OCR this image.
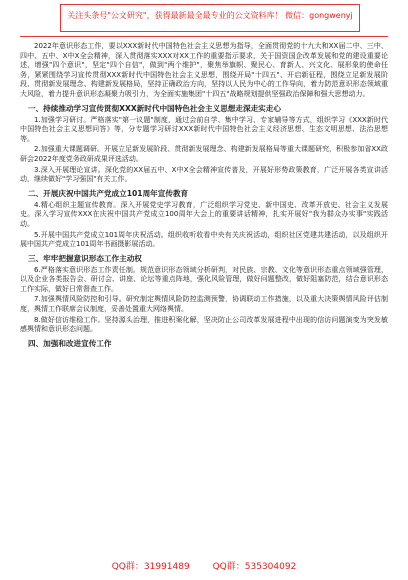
关注头条号"公文研究"，获得最新最全最专业的公文资料库！ 微信：gongwenyj

2022年意识形态工作，要以XXX新时代中国特色社会主义思想为指导，全面贯彻党的十九大和XX届二中、三中、四中、五中、X中X全会精神，深入贯彻落实XXX对XX工作的重要指示要求，关于国资国企改革发展和党的建设重要论述，增强"四个意识"，坚定"四个自信"，做到"两个维护"，聚焦举旗帜、聚民心、育新人、兴文化、展形象的使命任务，紧紧围绕学习宣传贯彻XXX新时代中国特色社会主义思想，围绕开局"十四五"、开启新征程，围绕立足新发展阶段、贯彻新发展理念、构建新发展格局，坚持正确政治方向，坚持以人民为中心的工作导向，着力防范意识形态领域重大风险，着力提升意识形态凝聚力吸引力，为全面实施集团"十四五"战略规划提供坚强政治保障和强大思想动力。

一、持续推动学习宣传贯彻XXX新时代中国特色社会主义思想走深走实走心

1.加强学习研讨。严格落实"第一议题"制度，通过会前自学、集中学习、专家辅导等方式，组织学习《XXX新时代中国特色社会主义思想问答》等，分专题学习研讨XXX新时代中国特色社会主义经济思想、生态文明思想、法治思想等。

2.加强重大课题调研。开展立足新发展阶段、贯彻新发展理念、构建新发展格局等重大课题研究，积极参加省XX政研会2022年度党务政研成果评选活动。

3.深入开展理论宣讲。深化党的XX届五中、X中X全会精神宣传普及，开展好形势政策教育，广泛开展各类宣讲活动，继续做好"学习强国"有关工作。

二、开展庆祝中国共产党成立101周年宣传教育

4.精心组织主题宣传教育。深入开展党史学习教育，广泛组织学习党史、新中国史、改革开放史、社会主义发展史。深入学习宣传XXX在庆祝中国共产党成立100周年大会上的重要讲话精神，扎实开展好"我为群众办实事"实践活动。

5.开展中国共产党成立101周年庆祝活动。组织收听收看中央有关庆祝活动，组织社区党建共建活动，以及组织开展中国共产党成立101周年书画摄影展活动。

三、牢牢把握意识形态工作主动权

6.严格落实意识形态工作责任制。规范意识形态领域分析研判，对民族、宗教、文化等意识形态重点领域强管理，以及企业各类报告会、研讨会、讲座、论坛等重点阵地，强化风险管理，做好问题整改，做好阻塞防范，结合意识形态工作实际，做好日常督查工作。

7.加强舆情风险防控和引导。研究制定舆情风险防控监测预警，协调联动工作措施，以及重大决策舆情风险评估制度，舆情工作联席会议制度，妥善处置重大网络舆情。

8.做好信访维稳工作。坚持源头治理，推进积案化解，坚决防止公司改革发展进程中出现的信访问题演变为突发敏感舆情和意识形态问题。

四、加强和改进宣传工作
QQ群：31991489	QQ群：535304092
